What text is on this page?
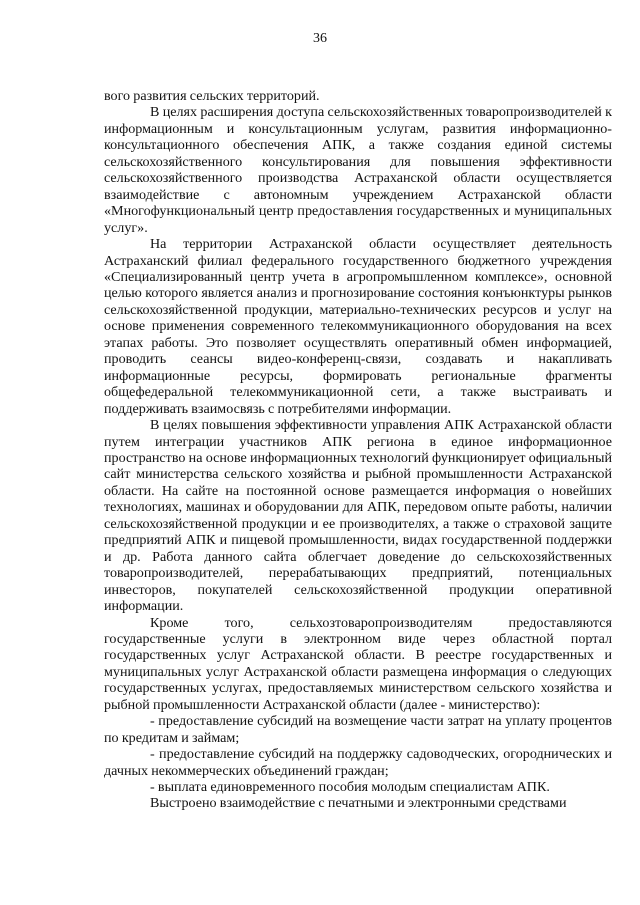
36

вого развития сельских территорий.

В целях расширения доступа сельскохозяйственных товаропроизводителей к информационным и консультационным услугам, развития информационно-консультационного обеспечения АПК, а также создания единой системы сельскохозяйственного консультирования для повышения эффективности сельскохозяйственного производства Астраханской области осуществляется взаимодействие с автономным учреждением Астраханской области «Многофункциональный центр предоставления государственных и муниципальных услуг».

На территории Астраханской области осуществляет деятельность Астраханский филиал федерального государственного бюджетного учреждения «Специализированный центр учета в агропромышленном комплексе», основной целью которого является анализ и прогнозирование состояния конъюнктуры рынков сельскохозяйственной продукции, материально-технических ресурсов и услуг на основе применения современного телекоммуникационного оборудования на всех этапах работы. Это позволяет осуществлять оперативный обмен информацией, проводить сеансы видео-конференц-связи, создавать и накапливать информационные ресурсы, формировать региональные фрагменты общефедеральной телекоммуникационной сети, а также выстраивать и поддерживать взаимосвязь с потребителями информации.

В целях повышения эффективности управления АПК Астраханской области путем интеграции участников АПК региона в единое информационное пространство на основе информационных технологий функционирует официальный сайт министерства сельского хозяйства и рыбной промышленности Астраханской области. На сайте на постоянной основе размещается информация о новейших технологиях, машинах и оборудовании для АПК, передовом опыте работы, наличии сельскохозяйственной продукции и ее производителях, а также о страховой защите предприятий АПК и пищевой промышленности, видах государственной поддержки и др. Работа данного сайта облегчает доведение до сельскохозяйственных товаропроизводителей, перерабатывающих предприятий, потенциальных инвесторов, покупателей сельскохозяйственной продукции оперативной информации.

Кроме того, сельхозтоваропроизводителям предоставляются государственные услуги в электронном виде через областной портал государственных услуг Астраханской области. В реестре государственных и муниципальных услуг Астраханской области размещена информация о следующих государственных услугах, предоставляемых министерством сельского хозяйства и рыбной промышленности Астраханской области (далее - министерство):

- предоставление субсидий на возмещение части затрат на уплату процентов по кредитам и займам;

- предоставление субсидий на поддержку садоводческих, огороднических и дачных некоммерческих объединений граждан;

- выплата единовременного пособия молодым специалистам АПК.

Выстроено взаимодействие с печатными и электронными средствами
